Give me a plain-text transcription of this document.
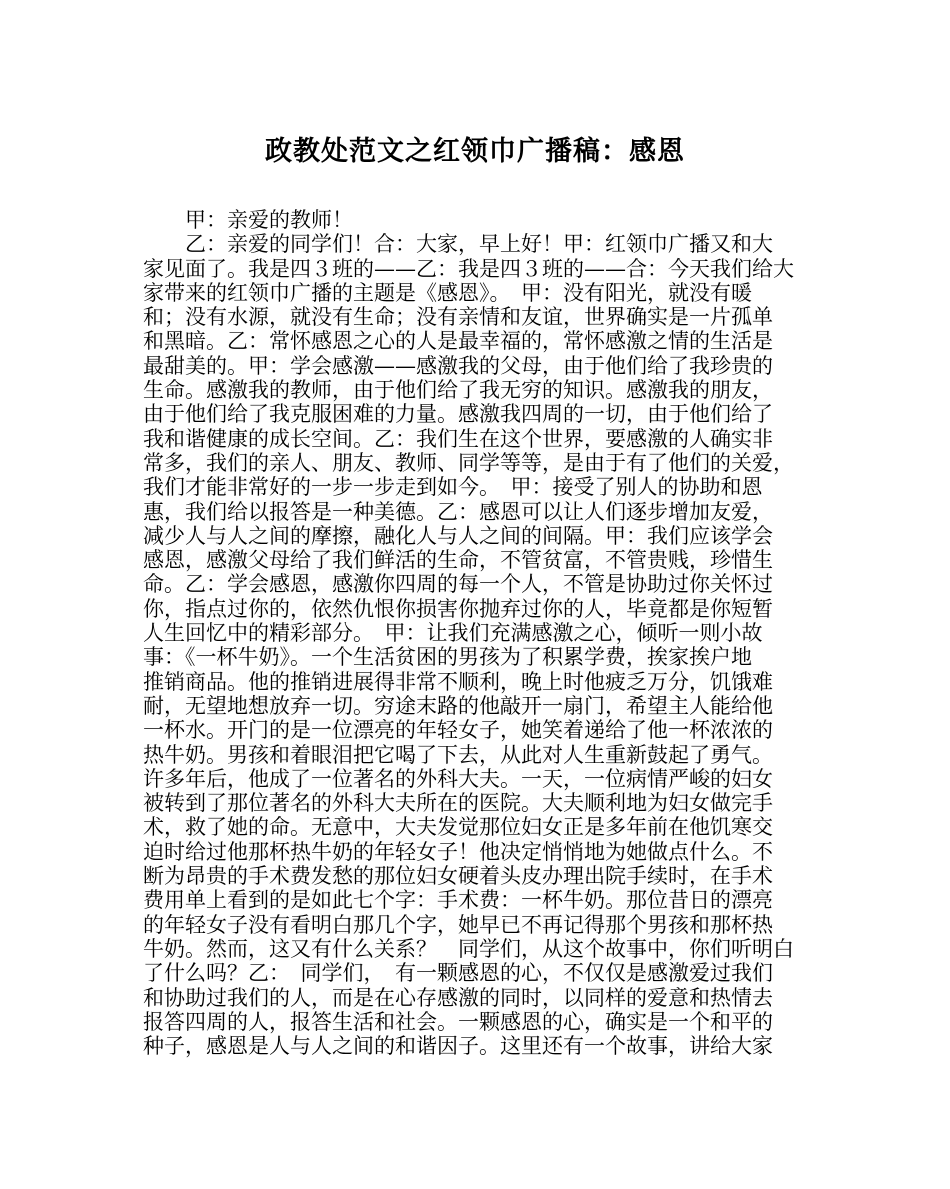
政教处范文之红领巾广播稿：感恩
甲：亲爱的教师！
乙：亲爱的同学们！合：大家，早上好！甲：红领巾广播又和大
家见面了。我是四３班的——乙：我是四３班的——合：今天我们给大
家带来的红领巾广播的主题是《感恩》。　甲：没有阳光，就没有暖
和；没有水源，就没有生命；没有亲情和友谊，世界确实是一片孤单
和黑暗。乙：常怀感恩之心的人是最幸福的，常怀感激之情的生活是
最甜美的。甲：学会感激——感激我的父母，由于他们给了我珍贵的
生命。感激我的教师，由于他们给了我无穷的知识。感激我的朋友，
由于他们给了我克服困难的力量。感激我四周的一切，由于他们给了
我和谐健康的成长空间。乙：我们生在这个世界，要感激的人确实非
常多，我们的亲人、朋友、教师、同学等等，是由于有了他们的关爱，
我们才能非常好的一步一步走到如今。　甲：接受了别人的协助和恩
惠，我们给以报答是一种美德。乙：感恩可以让人们逐步增加友爱，
减少人与人之间的摩擦，融化人与人之间的间隔。甲：我们应该学会
感恩，感激父母给了我们鲜活的生命，不管贫富，不管贵贱，珍惜生
命。乙：学会感恩，感激你四周的每一个人，不管是协助过你关怀过
你，指点过你的，依然仇恨你损害你抛弃过你的人，毕竟都是你短暂
人生回忆中的精彩部分。　甲：让我们充满感激之心，倾听一则小故
事：《一杯牛奶》。一个生活贫困的男孩为了积累学费，挨家挨户地
推销商品。他的推销进展得非常不顺利，晚上时他疲乏万分，饥饿难
耐，无望地想放弃一切。穷途末路的他敲开一扇门，希望主人能给他
一杯水。开门的是一位漂亮的年轻女子，她笑着递给了他一杯浓浓的
热牛奶。男孩和着眼泪把它喝了下去，从此对人生重新鼓起了勇气。
许多年后，他成了一位著名的外科大夫。一天，一位病情严峻的妇女
被转到了那位著名的外科大夫所在的医院。大夫顺利地为妇女做完手
术，救了她的命。无意中，大夫发觉那位妇女正是多年前在他饥寒交
迫时给过他那杯热牛奶的年轻女子！他决定悄悄地为她做点什么。不
断为昂贵的手术费发愁的那位妇女硬着头皮办理出院手续时，在手术
费用单上看到的是如此七个字：手术费：一杯牛奶。那位昔日的漂亮
的年轻女子没有看明白那几个字，她早已不再记得那个男孩和那杯热
牛奶。然而，这又有什么关系？　同学们，从这个故事中，你们听明白
了什么吗？乙：　同学们，　有一颗感恩的心，不仅仅是感激爱过我们
和协助过我们的人，而是在心存感激的同时，以同样的爱意和热情去
报答四周的人，报答生活和社会。一颗感恩的心，确实是一个和平的
种子，感恩是人与人之间的和谐因子。这里还有一个故事，讲给大家
